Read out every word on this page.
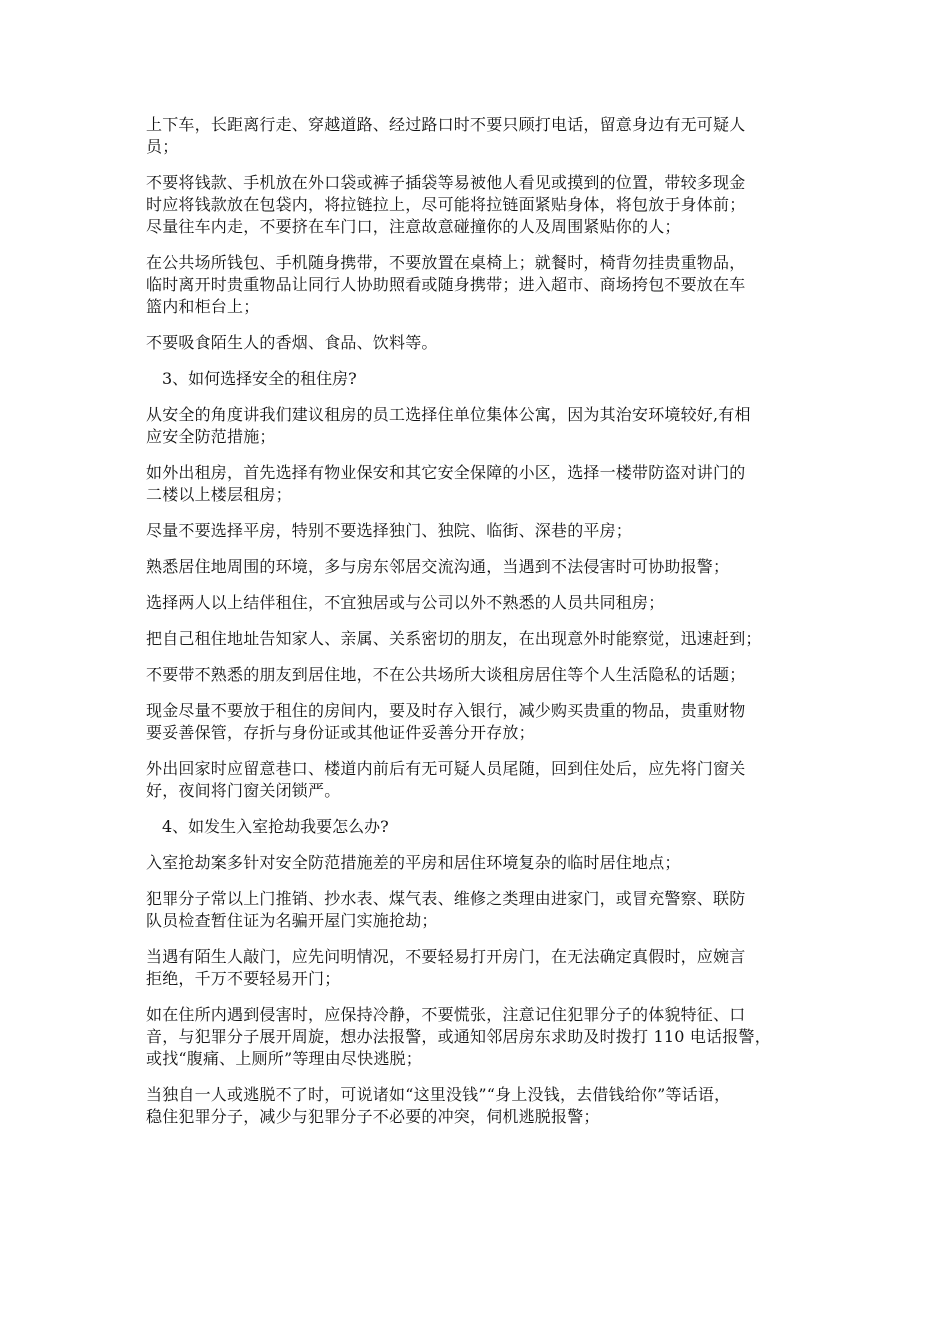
上下车，长距离行走、穿越道路、经过路口时不要只顾打电话，留意身边有无可疑人
员；
不要将钱款、手机放在外口袋或裤子插袋等易被他人看见或摸到的位置，带较多现金
时应将钱款放在包袋内，将拉链拉上，尽可能将拉链面紧贴身体，将包放于身体前；
尽量往车内走，不要挤在车门口，注意故意碰撞你的人及周围紧贴你的人；
在公共场所钱包、手机随身携带，不要放置在桌椅上；就餐时，椅背勿挂贵重物品，
临时离开时贵重物品让同行人协助照看或随身携带；进入超市、商场挎包不要放在车
篮内和柜台上；
不要吸食陌生人的香烟、食品、饮料等。
3、如何选择安全的租住房?
从安全的角度讲我们建议租房的员工选择住单位集体公寓，因为其治安环境较好,有相
应安全防范措施；
如外出租房，首先选择有物业保安和其它安全保障的小区，选择一楼带防盗对讲门的
二楼以上楼层租房；
尽量不要选择平房，特别不要选择独门、独院、临街、深巷的平房；
熟悉居住地周围的环境，多与房东邻居交流沟通，当遇到不法侵害时可协助报警；
选择两人以上结伴租住，不宜独居或与公司以外不熟悉的人员共同租房；
把自己租住地址告知家人、亲属、关系密切的朋友，在出现意外时能察觉，迅速赶到；
不要带不熟悉的朋友到居住地，不在公共场所大谈租房居住等个人生活隐私的话题；
现金尽量不要放于租住的房间内，要及时存入银行，减少购买贵重的物品，贵重财物
要妥善保管，存折与身份证或其他证件妥善分开存放；
外出回家时应留意巷口、楼道内前后有无可疑人员尾随，回到住处后，应先将门窗关
好，夜间将门窗关闭锁严。
4、如发生入室抢劫我要怎么办?
入室抢劫案多针对安全防范措施差的平房和居住环境复杂的临时居住地点；
犯罪分子常以上门推销、抄水表、煤气表、维修之类理由进家门，或冒充警察、联防
队员检查暂住证为名骗开屋门实施抢劫；
当遇有陌生人敲门，应先问明情况，不要轻易打开房门，在无法确定真假时，应婉言
拒绝，千万不要轻易开门；
如在住所内遇到侵害时，应保持冷静，不要慌张，注意记住犯罪分子的体貌特征、口
音，与犯罪分子展开周旋，想办法报警，或通知邻居房东求助及时拨打 110 电话报警，
或找“腹痛、上厕所”等理由尽快逃脱；
当独自一人或逃脱不了时，可说诸如“这里没钱”“身上没钱，去借钱给你”等话语，
稳住犯罪分子，减少与犯罪分子不必要的冲突，伺机逃脱报警；
